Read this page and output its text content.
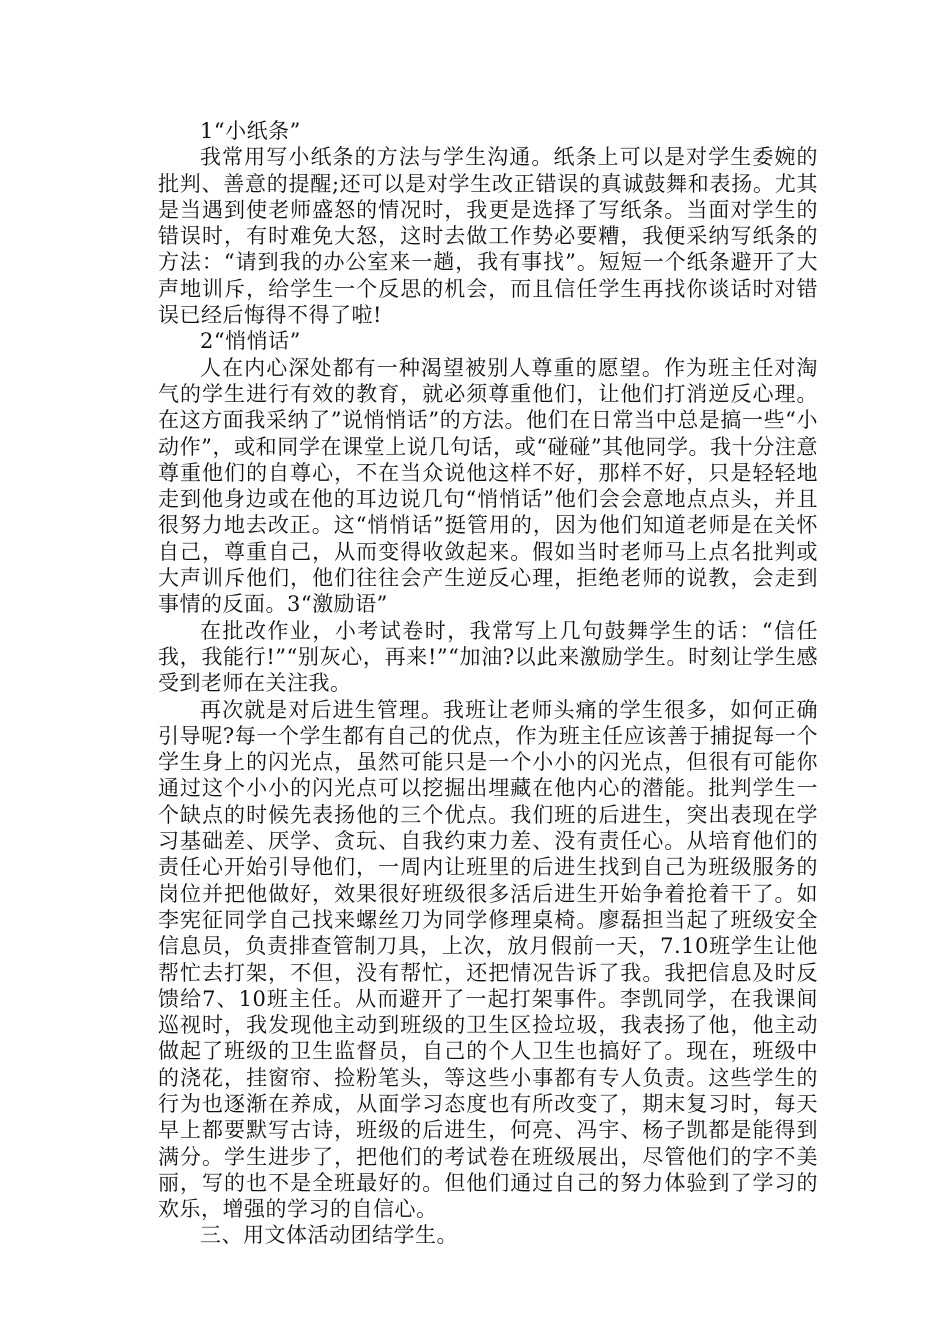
1“小纸条”

我常用写小纸条的方法与学生沟通。纸条上可以是对学生委婉的批判、善意的提醒;还可以是对学生改正错误的真诚鼓舞和表扬。尤其是当遇到使老师盛怒的情况时，我更是选择了写纸条。当面对学生的错误时，有时难免大怒，这时去做工作势必要糟，我便采纳写纸条的方法：“请到我的办公室来一趟，我有事找”。短短一个纸条避开了大声地训斥，给学生一个反思的机会，而且信任学生再找你谈话时对错误已经后悔得不得了啦!

2“悄悄话”

人在内心深处都有一种渴望被别人尊重的愿望。作为班主任对淘气的学生进行有效的教育，就必须尊重他们，让他们打消逆反心理。在这方面我采纳了”说悄悄话”的方法。他们在日常当中总是搞一些“小动作”，或和同学在课堂上说几句话，或“碰碰”其他同学。我十分注意尊重他们的自尊心，不在当众说他这样不好，那样不好，只是轻轻地走到他身边或在他的耳边说几句“悄悄话”他们会会意地点点头，并且很努力地去改正。这“悄悄话”挺管用的，因为他们知道老师是在关怀自己，尊重自己，从而变得收敛起来。假如当时老师马上点名批判或大声训斥他们，他们往往会产生逆反心理，拒绝老师的说教，会走到事情的反面。3“激励语”

在批改作业，小考试卷时，我常写上几句鼓舞学生的话：“信任我，我能行!”“别灰心，再来!”“加油?以此来激励学生。时刻让学生感受到老师在关注我。

再次就是对后进生管理。我班让老师头痛的学生很多，如何正确引导呢?每一个学生都有自己的优点，作为班主任应该善于捕捉每一个学生身上的闪光点，虽然可能只是一个小小的闪光点，但很有可能你通过这个小小的闪光点可以挖掘出埋藏在他内心的潜能。批判学生一个缺点的时候先表扬他的三个优点。我们班的后进生，突出表现在学习基础差、厌学、贪玩、自我约束力差、没有责任心。从培育他们的责任心开始引导他们，一周内让班里的后进生找到自己为班级服务的岗位并把他做好，效果很好班级很多活后进生开始争着抢着干了。如李宪征同学自己找来螺丝刀为同学修理桌椅。廖磊担当起了班级安全信息员，负责排查管制刀具，上次，放月假前一天，7.10班学生让他帮忙去打架，不但，没有帮忙，还把情况告诉了我。我把信息及时反馈给7、10班主任。从而避开了一起打架事件。李凯同学，在我课间巡视时，我发现他主动到班级的卫生区捡垃圾，我表扬了他，他主动做起了班级的卫生监督员，自己的个人卫生也搞好了。现在，班级中的浇花，挂窗帘、捡粉笔头，等这些小事都有专人负责。这些学生的行为也逐渐在养成，从面学习态度也有所改变了，期末复习时，每天早上都要默写古诗，班级的后进生，何亮、冯宇、杨子凯都是能得到满分。学生进步了，把他们的考试卷在班级展出，尽管他们的字不美丽，写的也不是全班最好的。但他们通过自己的努力体验到了学习的欢乐，增强的学习的自信心。

三、用文体活动团结学生。
